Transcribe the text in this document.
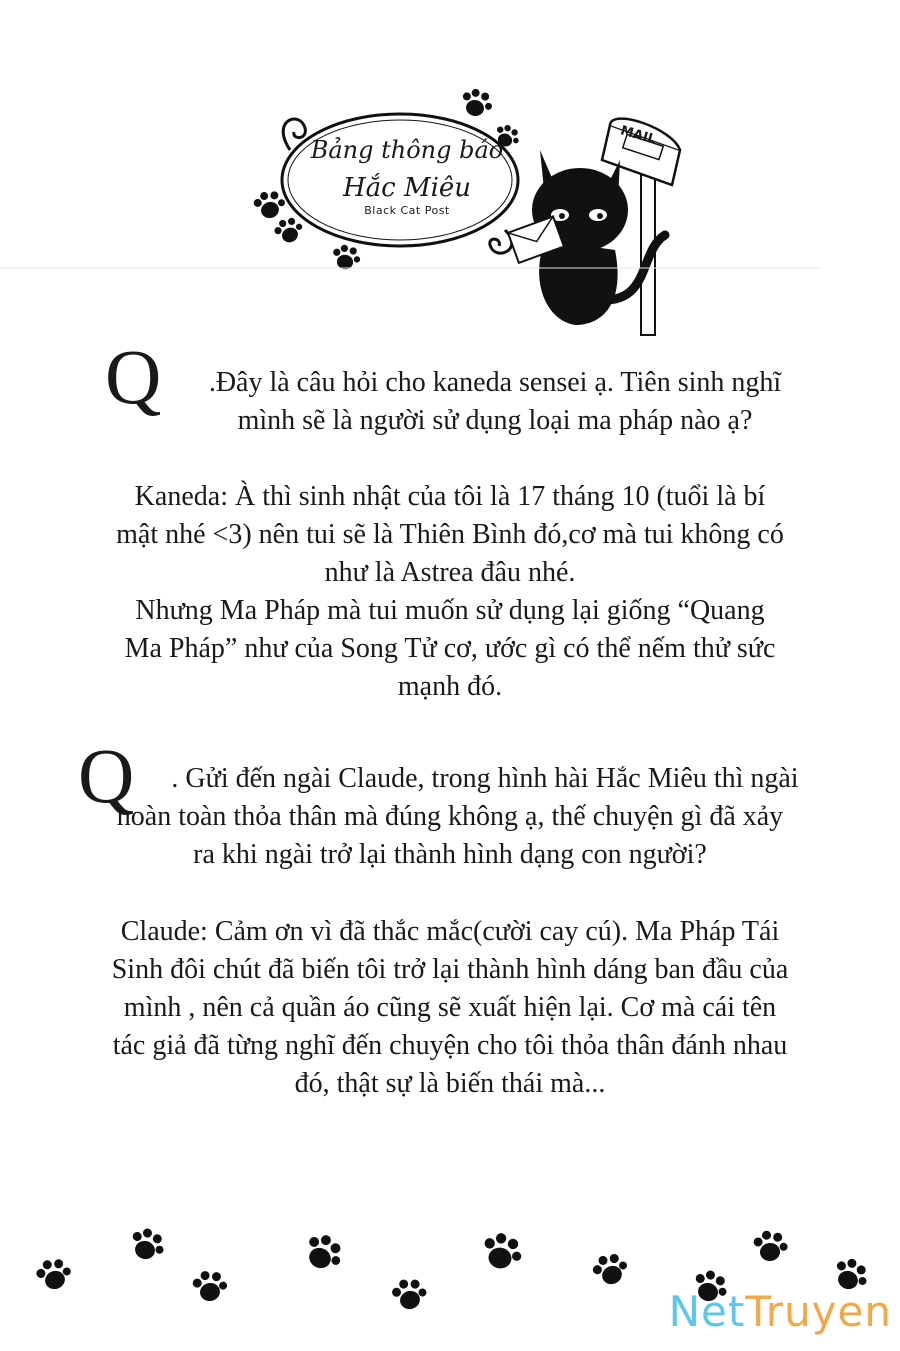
Bảng thông báo
Hắc Miêu
Black Cat Post
MAIL
Q	.Đây là câu hỏi cho kaneda sensei ạ. Tiên sinh nghĩ
mình sẽ là người sử dụng loại ma pháp nào ạ?
Kaneda: À thì sinh nhật của tôi là 17 tháng 10 (tuổi là bí
mật nhé <3) nên tui sẽ là Thiên Bình đó,cơ mà tui không có
như là Astrea đâu nhé.
Nhưng Ma Pháp mà tui muốn sử dụng lại giống “Quang
Ma Pháp” như của Song Tử cơ, ước gì có thể nếm thử sức
mạnh đó.
Q	. Gửi đến ngài Claude, trong hình hài Hắc Miêu thì ngài
hoàn toàn thỏa thân mà đúng không ạ, thế chuyện gì đã xảy
ra khi ngài trở lại thành hình dạng con người?
Claude: Cảm ơn vì đã thắc mắc(cười cay cú). Ma Pháp Tái
Sinh đôi chút đã biến tôi trở lại thành hình dáng ban đầu của
mình , nên cả quần áo cũng sẽ xuất hiện lại. Cơ mà cái tên
tác giả đã từng nghĩ đến chuyện cho tôi thỏa thân đánh nhau
đó, thật sự là biến thái mà...
NetTruyen
